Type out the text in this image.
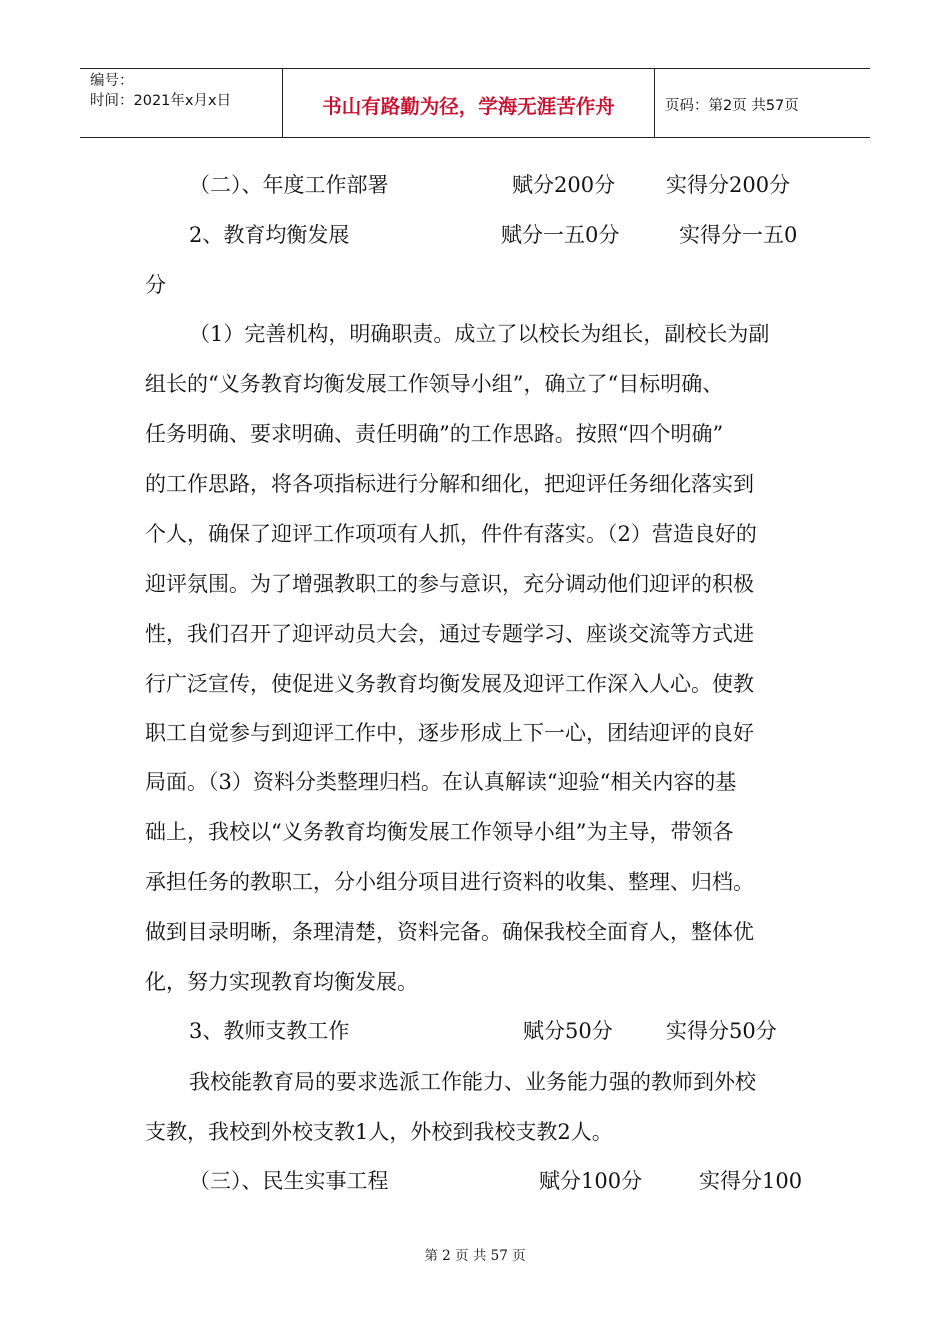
编号：
时间：2021年x月x日	书山有路勤为径，学海无涯苦作舟	页码：第2页 共57页
（二）、年度工作部署	赋分200分 实得分200分
2、教育均衡发展	赋分一五0分	实得分一五0
分
（1）完善机构，明确职责。成立了以校长为组长，副校长为副
组长的“义务教育均衡发展工作领导小组”，确立了“目标明确、
任务明确、要求明确、责任明确”的工作思路。按照“四个明确”
的工作思路，将各项指标进行分解和细化，把迎评任务细化落实到
个人，确保了迎评工作项项有人抓，件件有落实。（2）营造良好的
迎评氛围。为了增强教职工的参与意识，充分调动他们迎评的积极
性，我们召开了迎评动员大会，通过专题学习、座谈交流等方式进
行广泛宣传，使促进义务教育均衡发展及迎评工作深入人心。使教
职工自觉参与到迎评工作中，逐步形成上下一心，团结迎评的良好
局面。（3）资料分类整理归档。在认真解读“迎验“相关内容的基
础上，我校以“义务教育均衡发展工作领导小组”为主导，带领各
承担任务的教职工，分小组分项目进行资料的收集、整理、归档。
做到目录明晰，条理清楚，资料完备。确保我校全面育人，整体优
化，努力实现教育均衡发展。
3、教师支教工作	赋分50分	实得分50分
我校能教育局的要求选派工作能力、业务能力强的教师到外校
支教，我校到外校支教1人，外校到我校支教2人。
（三）、民生实事工程	赋分100分	实得分100
第 2 页 共 57 页
